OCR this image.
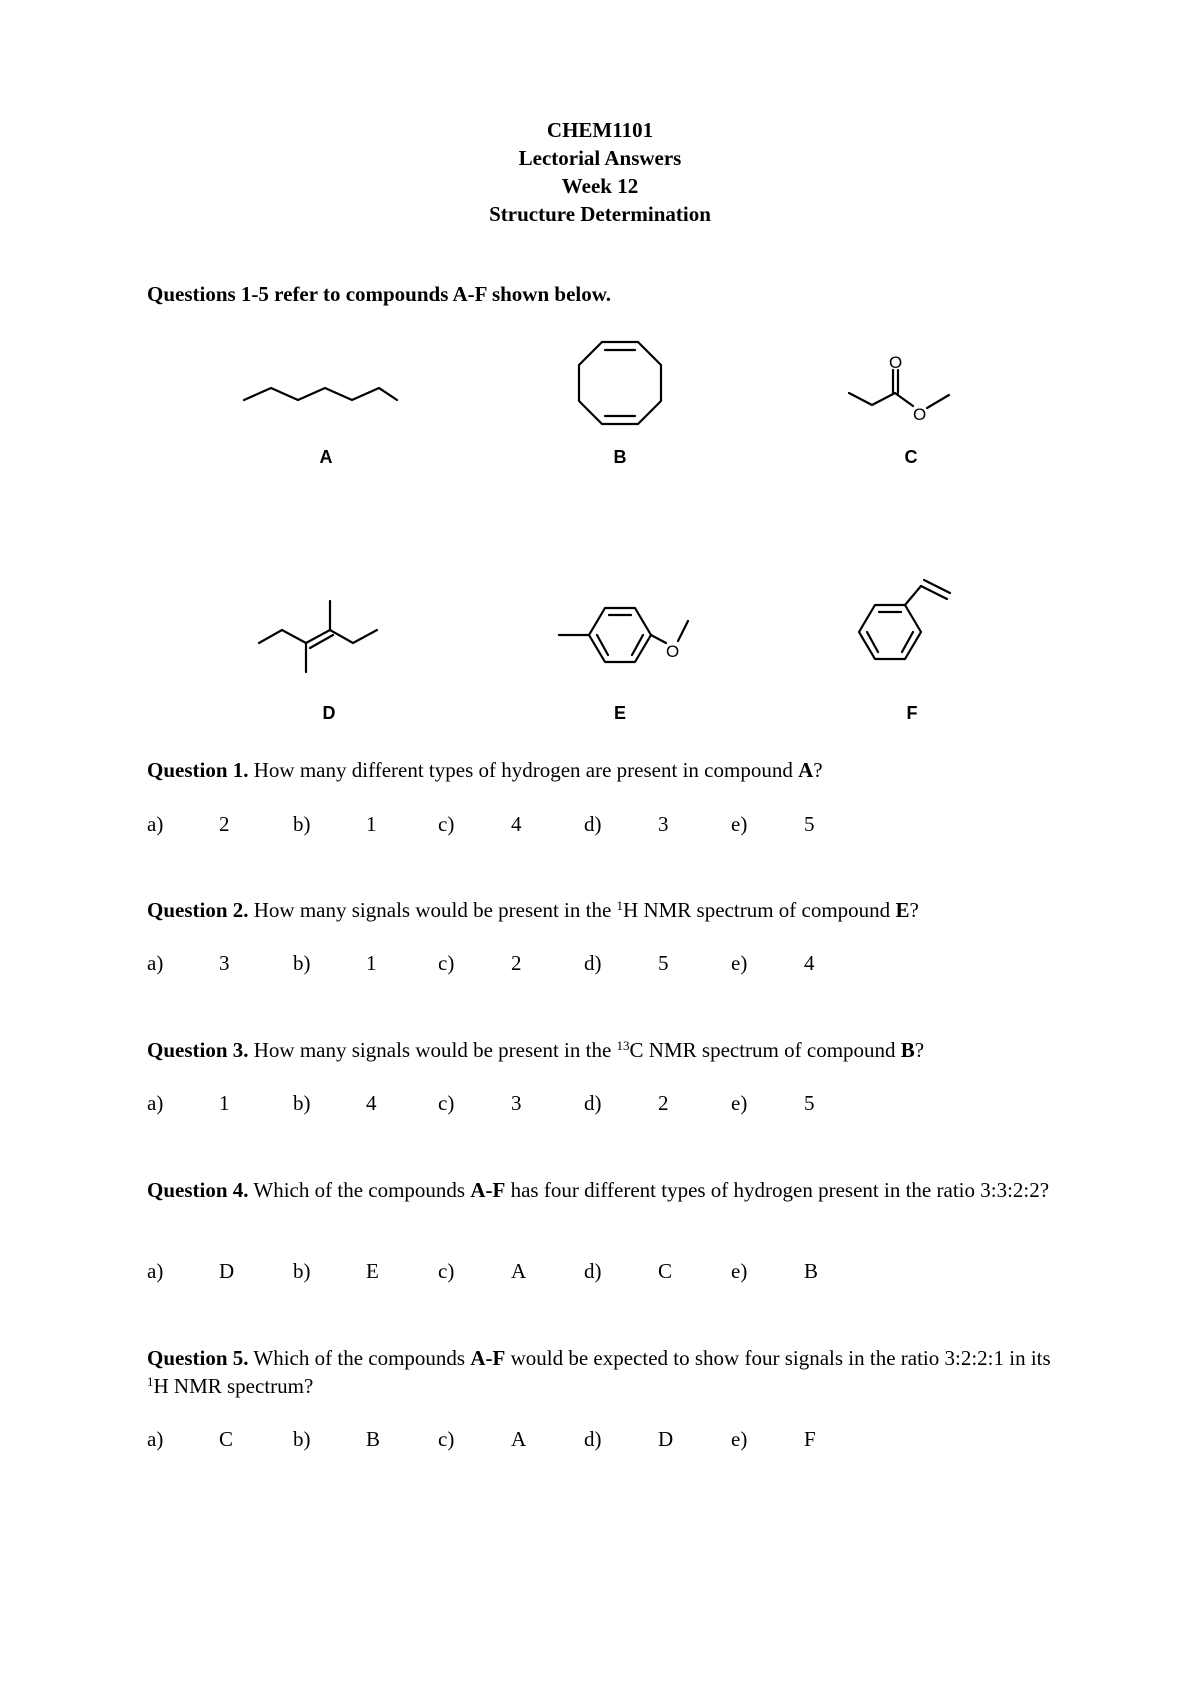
CHEM1101
Lectorial Answers
Week 12
Structure Determination
Questions 1-5 refer to compounds A-F shown below.
A	B
O
O
C
D
O
E	F
Question 1. How many different types of hydrogen are present in compound A?
a)	2	b)	1	c)	4	d)	3	e)	5
Question 2. How many signals would be present in the $^1$H NMR spectrum of compound E?
a)	3	b)	1	c)	2	d)	5	e)	4
Question 3. How many signals would be present in the $^{13}$C NMR spectrum of compound B?
a)	1	b)	4	c)	3	d)	2	e)	5
Question 4. Which of the compounds A-F has four different types of hydrogen present in the ratio 3:3:2:2?
a)	D	b)	E	c)	A	d)	C	e)	B
Question 5. Which of the compounds A-F would be expected to show four signals in the ratio 3:2:2:1 in its $^1$H NMR spectrum?
a)	C	b)	B	c)	A	d)	D	e)	F
